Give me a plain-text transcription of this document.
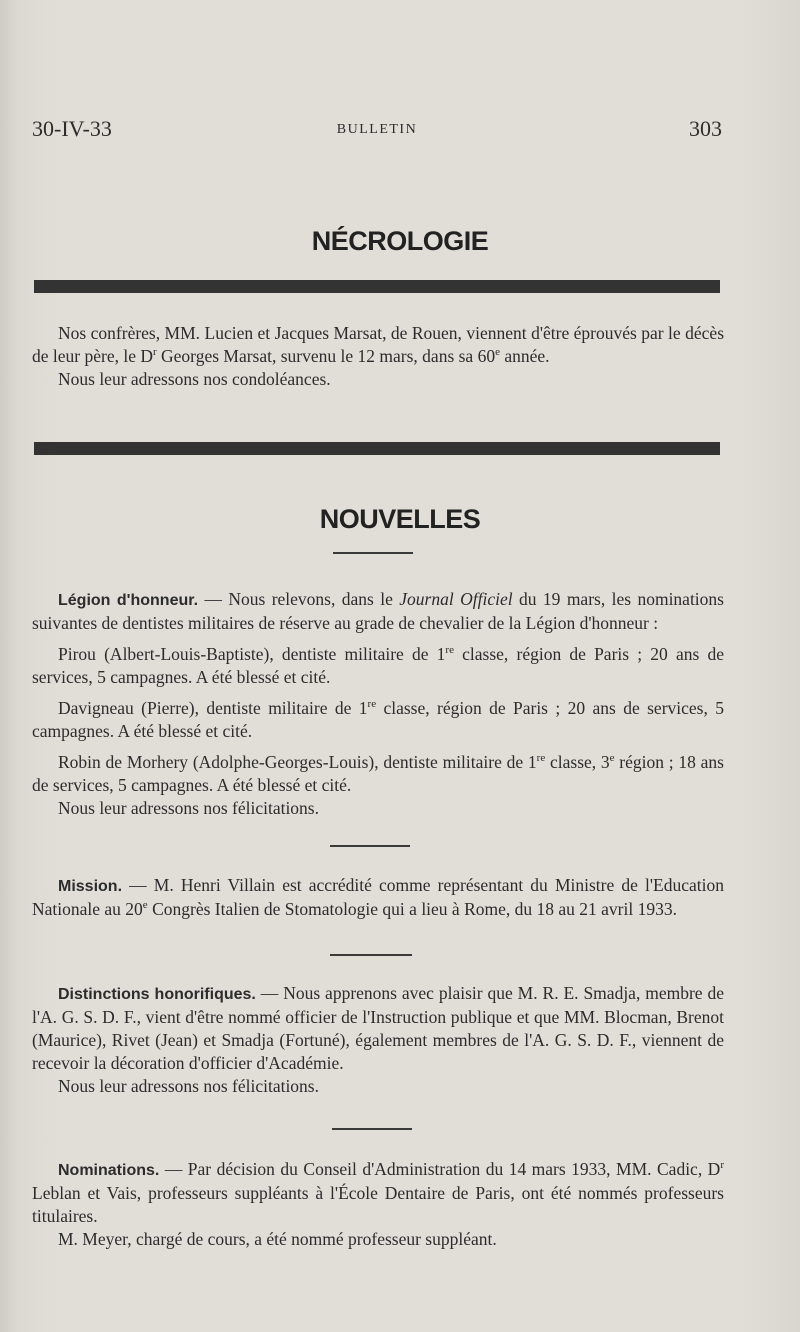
30-IV-33	BULLETIN	303
NÉCROLOGIE

Nos confrères, MM. Lucien et Jacques Marsat, de Rouen, viennent d'être éprouvés par le décès de leur père, le $D^r$ Georges Marsat, survenu le 12 mars, dans sa 60e année.

Nous leur adressons nos condoléances.

NOUVELLES

Légion d'honneur. — Nous relevons, dans le Journal Officiel du 19 mars, les nominations suivantes de dentistes militaires de réserve au grade de chevalier de la Légion d'honneur :

Pirou (Albert-Louis-Baptiste), dentiste militaire de 1re classe, région de Paris ; 20 ans de services, 5 campagnes. A été blessé et cité.

Davigneau (Pierre), dentiste militaire de 1re classe, région de Paris ; 20 ans de services, 5 campagnes. A été blessé et cité.

Robin de Morhery (Adolphe-Georges-Louis), dentiste militaire de 1re classe, 3e région ; 18 ans de services, 5 campagnes. A été blessé et cité.

Nous leur adressons nos félicitations.

Mission. — M. Henri Villain est accrédité comme représentant du Ministre de l'Education Nationale au 20e Congrès Italien de Stomatologie qui a lieu à Rome, du 18 au 21 avril 1933.

Distinctions honorifiques. — Nous apprenons avec plaisir que M. R. E. Smadja, membre de l'A. G. S. D. F., vient d'être nommé officier de l'Instruction publique et que MM. Blocman, Brenot (Maurice), Rivet (Jean) et Smadja (Fortuné), également membres de l'A. G. S. D. F., viennent de recevoir la décoration d'officier d'Académie.

Nous leur adressons nos félicitations.

Nominations. — Par décision du Conseil d'Administration du 14 mars 1933, MM. Cadic, $D^r$ Leblan et Vais, professeurs suppléants à l'École Dentaire de Paris, ont été nommés professeurs titulaires.

M. Meyer, chargé de cours, a été nommé professeur suppléant.
